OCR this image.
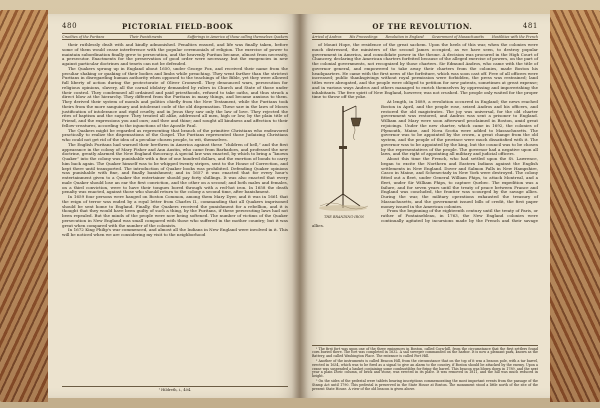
480	PICTORIAL FIELD-BOOK
Cruelties of the Puritans	Their Punishments	Sufferings in America of those calling themselves Quakers

their ruthlessly dealt with and kindly admonished. Penalties ensued, and life was finally taken, before some of them would cease interference with the popular ceremonials of religion. The exercise of power to maintain subordination finally grew to persecution, and the heavenly Puritan became, almost from necessity, a persecutor. Exactments for the preservation of good order were necessary, but the exegencies in new against particular doctrines and tenets can not be defended.

The Quakers sprung up in England about 1650, under George Fox, and received their name from the peculiar shaking or quaking of their bodies and limbs while preaching. They went farther than the strictest Puritans in disregarding human authority when opposed to the teachings of the Bible, yet they were allowed full liberty of action during the protectorate of Oliver Cromwell. They denounced wars, persecution for religious opinions, slavery, all the carnal idolatry demanded by rulers in Church and State of those under their control. They condemned all ordained and paid priesthoods, refused to take oaths, and thus struck a direct blow at the hierarchy. They differed from the Puritans in many things, and became anxious to them. They derived their system of morals and politics chiefly from the New Testament, while the Puritans took theirs from the more sanguinary and intolerant code of the old dispensation. These saw in the laws of Moses justification of intolerance and rigid cruelty, and in Jesus they saw only the law of love. They rejected the rites of baptism and the supper. They treated all alike, addressed all men, high or low, by the plain title of Friend, and the expressions you and ours; and thee and thine; and sought all kindness and affection to their fellow-creatures, according to the injunctions of the Apostle Paul.

The Quakers might be regarded as representing that branch of the primitive Christians who endeavored practically to realize the dispensations of the Gospel. The Puritans represented those Judaizing Christians who could not get rid of the idea of a peculiar chosen people, to wit, themselves.

The English Puritans had warned their brethren in America against these “children of hell,” and the first appearance in the colony of Mary Fisher and Ann Austin, who came from Barbadoes, and professed the new doctrine, greatly alarmed the New England theocracy. A special law was enacted, by which to bring a “known Quaker” into the colony was punishable with a fine of one hundred dollars, and the exertion of bonds to carry him back again. The Quaker himself was to be whipped twenty stripes, sent to the House of Correction, and kept there until transported. The introduction of Quaker books was prohibited. Defending Quaker opinions was punishable with fine, and finally banishment; and in 1657 it was enacted that for every hour's entertainment given to a Quaker the entertainer should pay forty shillings. It was also enacted that every male Quaker should lose an ear the first conviction, and the other on a second; and both males and females, on a third conviction, were to have their tongues bored through with a red-hot iron. In 1658 the death penalty was enacted, against those who should return to the colony a second time, after banishment.

In 1659 four persons were hanged on Boston Common, among them Mary Dyer, and it was in 1661 that the reign of terror was ended by a royal letter from Charles II., commanding that all Quakers imprisoned should be sent home to England. Finally, the Quakers received the punishment for a rebellion, and it is thought that they would have been guilty of such a thing, by the Puritans, if these persecuting laws had not been repealed. But the minds of the people were now being softened. The number of victims of the Quaker persecution in New England was small compared with those who suffered in the mother country; but it was great when compared with the number of the colonists.

In 1672 King Philip's war commenced, and almost all the Indians in New England were involved in it. This will be noticed when we are considering my visit to the neighborhood

¹ Hildreth, i., 404.
OF THE REVOLUTION.	481
Arrival of Andros His Proceedings Revolution in England Government of Massachusetts Hostilities with the French

of Mount Hope, the residence of the great sachem. Upon the heels of this war, when the colonies were much distressed, the ministers of the second James occupied, as we have seen, to destroy popular government in America, and consolidate power in the throne. A decision was procured in the High Court of Chancery, declaring the American charters forfeited because of the alleged exercise of powers, on the part of the colonial governments, not recognized by those charters. Sir Edmund Andros, who came with the title of governor general, and empowered to take away their charters from the colonies, made Boston his headquarters. He came with the first news of the forfeiture, which was soon cast off. Free of all officers were increased; public thanksgivings without royal permission were forbidden, the press was restrained; land titles were abrogated, and the people were obliged to petition for new patents, sometimes at great expense; and in various ways Andros and others managed to enrich themselves by oppressing and impoverishing the inhabitants. The free spirit of New England, however, was not crushed. The people only waited for the proper time to throw off the yoke.

THE BRANDING-IRON

At length, in 1689, a revolution occurred in England; the news reached Boston in April, and the people rose, seized Andros and his officers, and restored the old magistrates. The joy was universal, for the old charter government was restored, and Andros was sent a prisoner to England. William and Mary were soon afterward proclaimed in Boston, amid great rejoicings. Under the new charter, which came in 1692, the colonies of Plymouth, Maine, and Nova Scotia were added to Massachusetts. The governor was to be appointed by the crown, a great change from the old system, and the people of the province were much dissatisfied with it. The governor was to be appointed by the king, but the council was to be chosen by the representatives of the people. The governor had a negative upon all laws, and the right of appointing all military and judicial officers.

About this time the French, who had settled upon the St. Lawrence, began to excite the Northern and Eastern Indians against the English settlements in New England. Dover and Salmon Falls in New Hampshire, Casco in Maine, and Schenectady in New York were destroyed. The colony fitted out a fleet, under General William Phips, to attack Montreal, and a fleet, under Sir William Phips, to capture Quebec. The expedition was a failure, and for seven years until the treaty of peace between France and England was concluded, the frontier was scourged by the savage allies. During the war, the military operations exhausted the treasury of Massachusetts, and the government issued bills of credit, the first paper money issued in the American colonies.

From the beginning of the eighteenth century until the treaty of Paris, or rather of Fontainebleau, in 1763, the New England colonies were continually agitated by incursions made by the French and their savage allies.

¹ The first fort was upon one of the three eminences in Boston, called Corn-hill, from the circumstance that the first settlers found corn buried there. The fort was completed in 1632. A sail sweeper commanded on the harbor. It is now a pleasant park, known as the Battery, and called Washington Place. The entrance is called Fort Hill.

² Another of the instruments is called Beacon Hill, from the circumstance that on the top of it was a beacon pole, with a tar barrel, erected in 1634, which was to be fired as a signal to give an alarm to the country, if Boston should be attacked by the enemy. Upon a crane was suspended a basket containing some combustibles for firing the barrel. This beacon was blown down in 1789, and the next year a plain Doric column, of brick and stone, was erected in its place. It was removed in 1811, and the hill was much reduced in height.

³ On the sides of the pedestal were tablets bearing inscriptions commemorating the most important events from the passage of the Stamp Act until 1790. This pedestal is preserved in the State House at Boston. The monument stood a little north of the site of the present State House. A view of the old beacon is given above.
